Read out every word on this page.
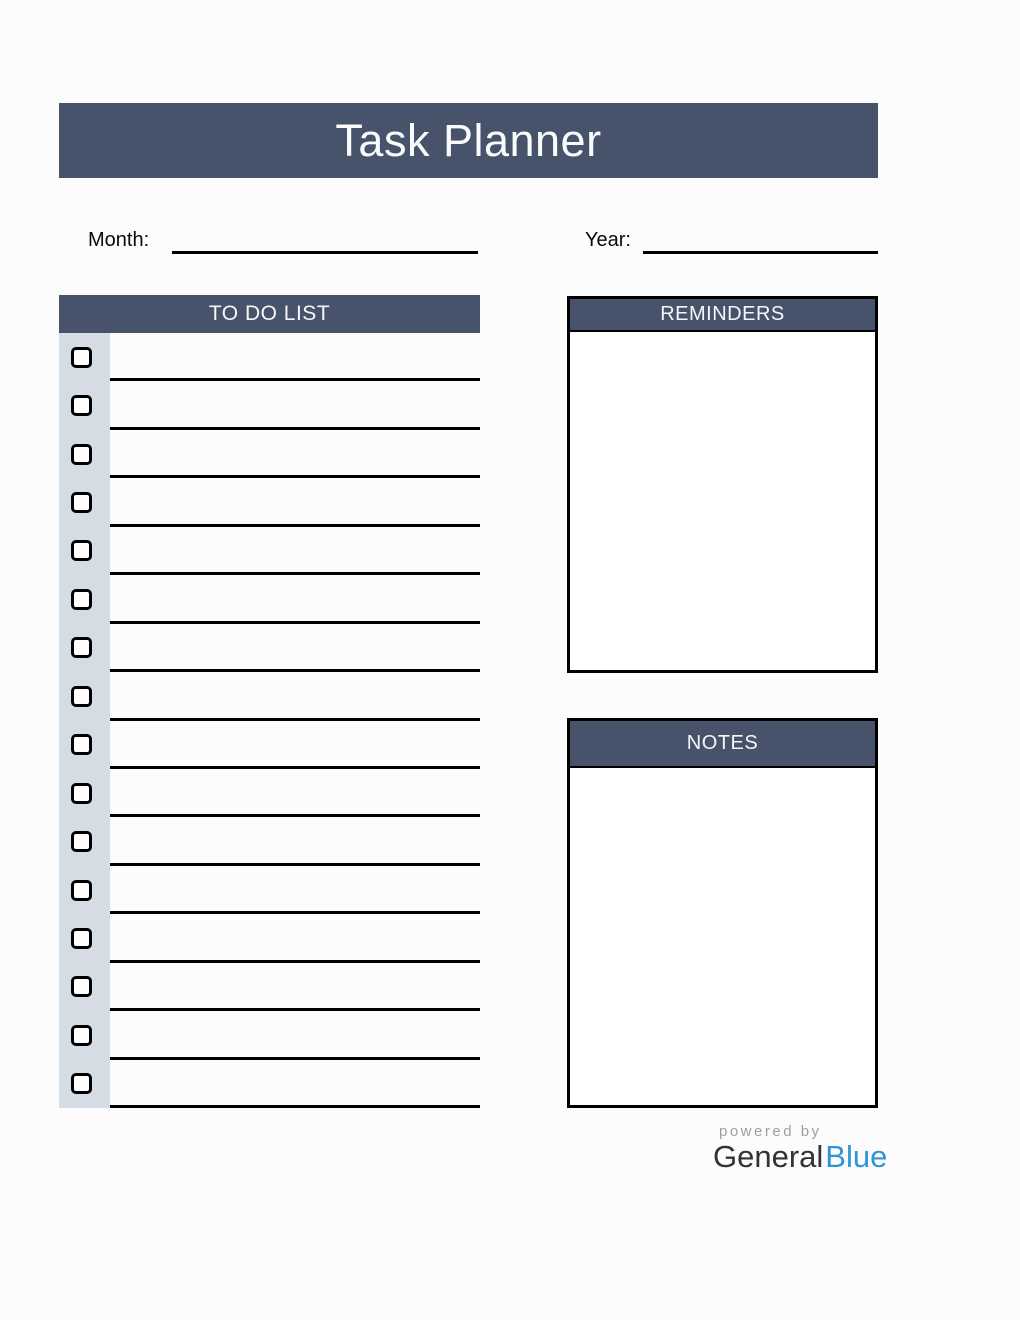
Task Planner
Month:	Year:
TO DO LIST	REMINDERS
NOTES
powered by
GeneralBlue
